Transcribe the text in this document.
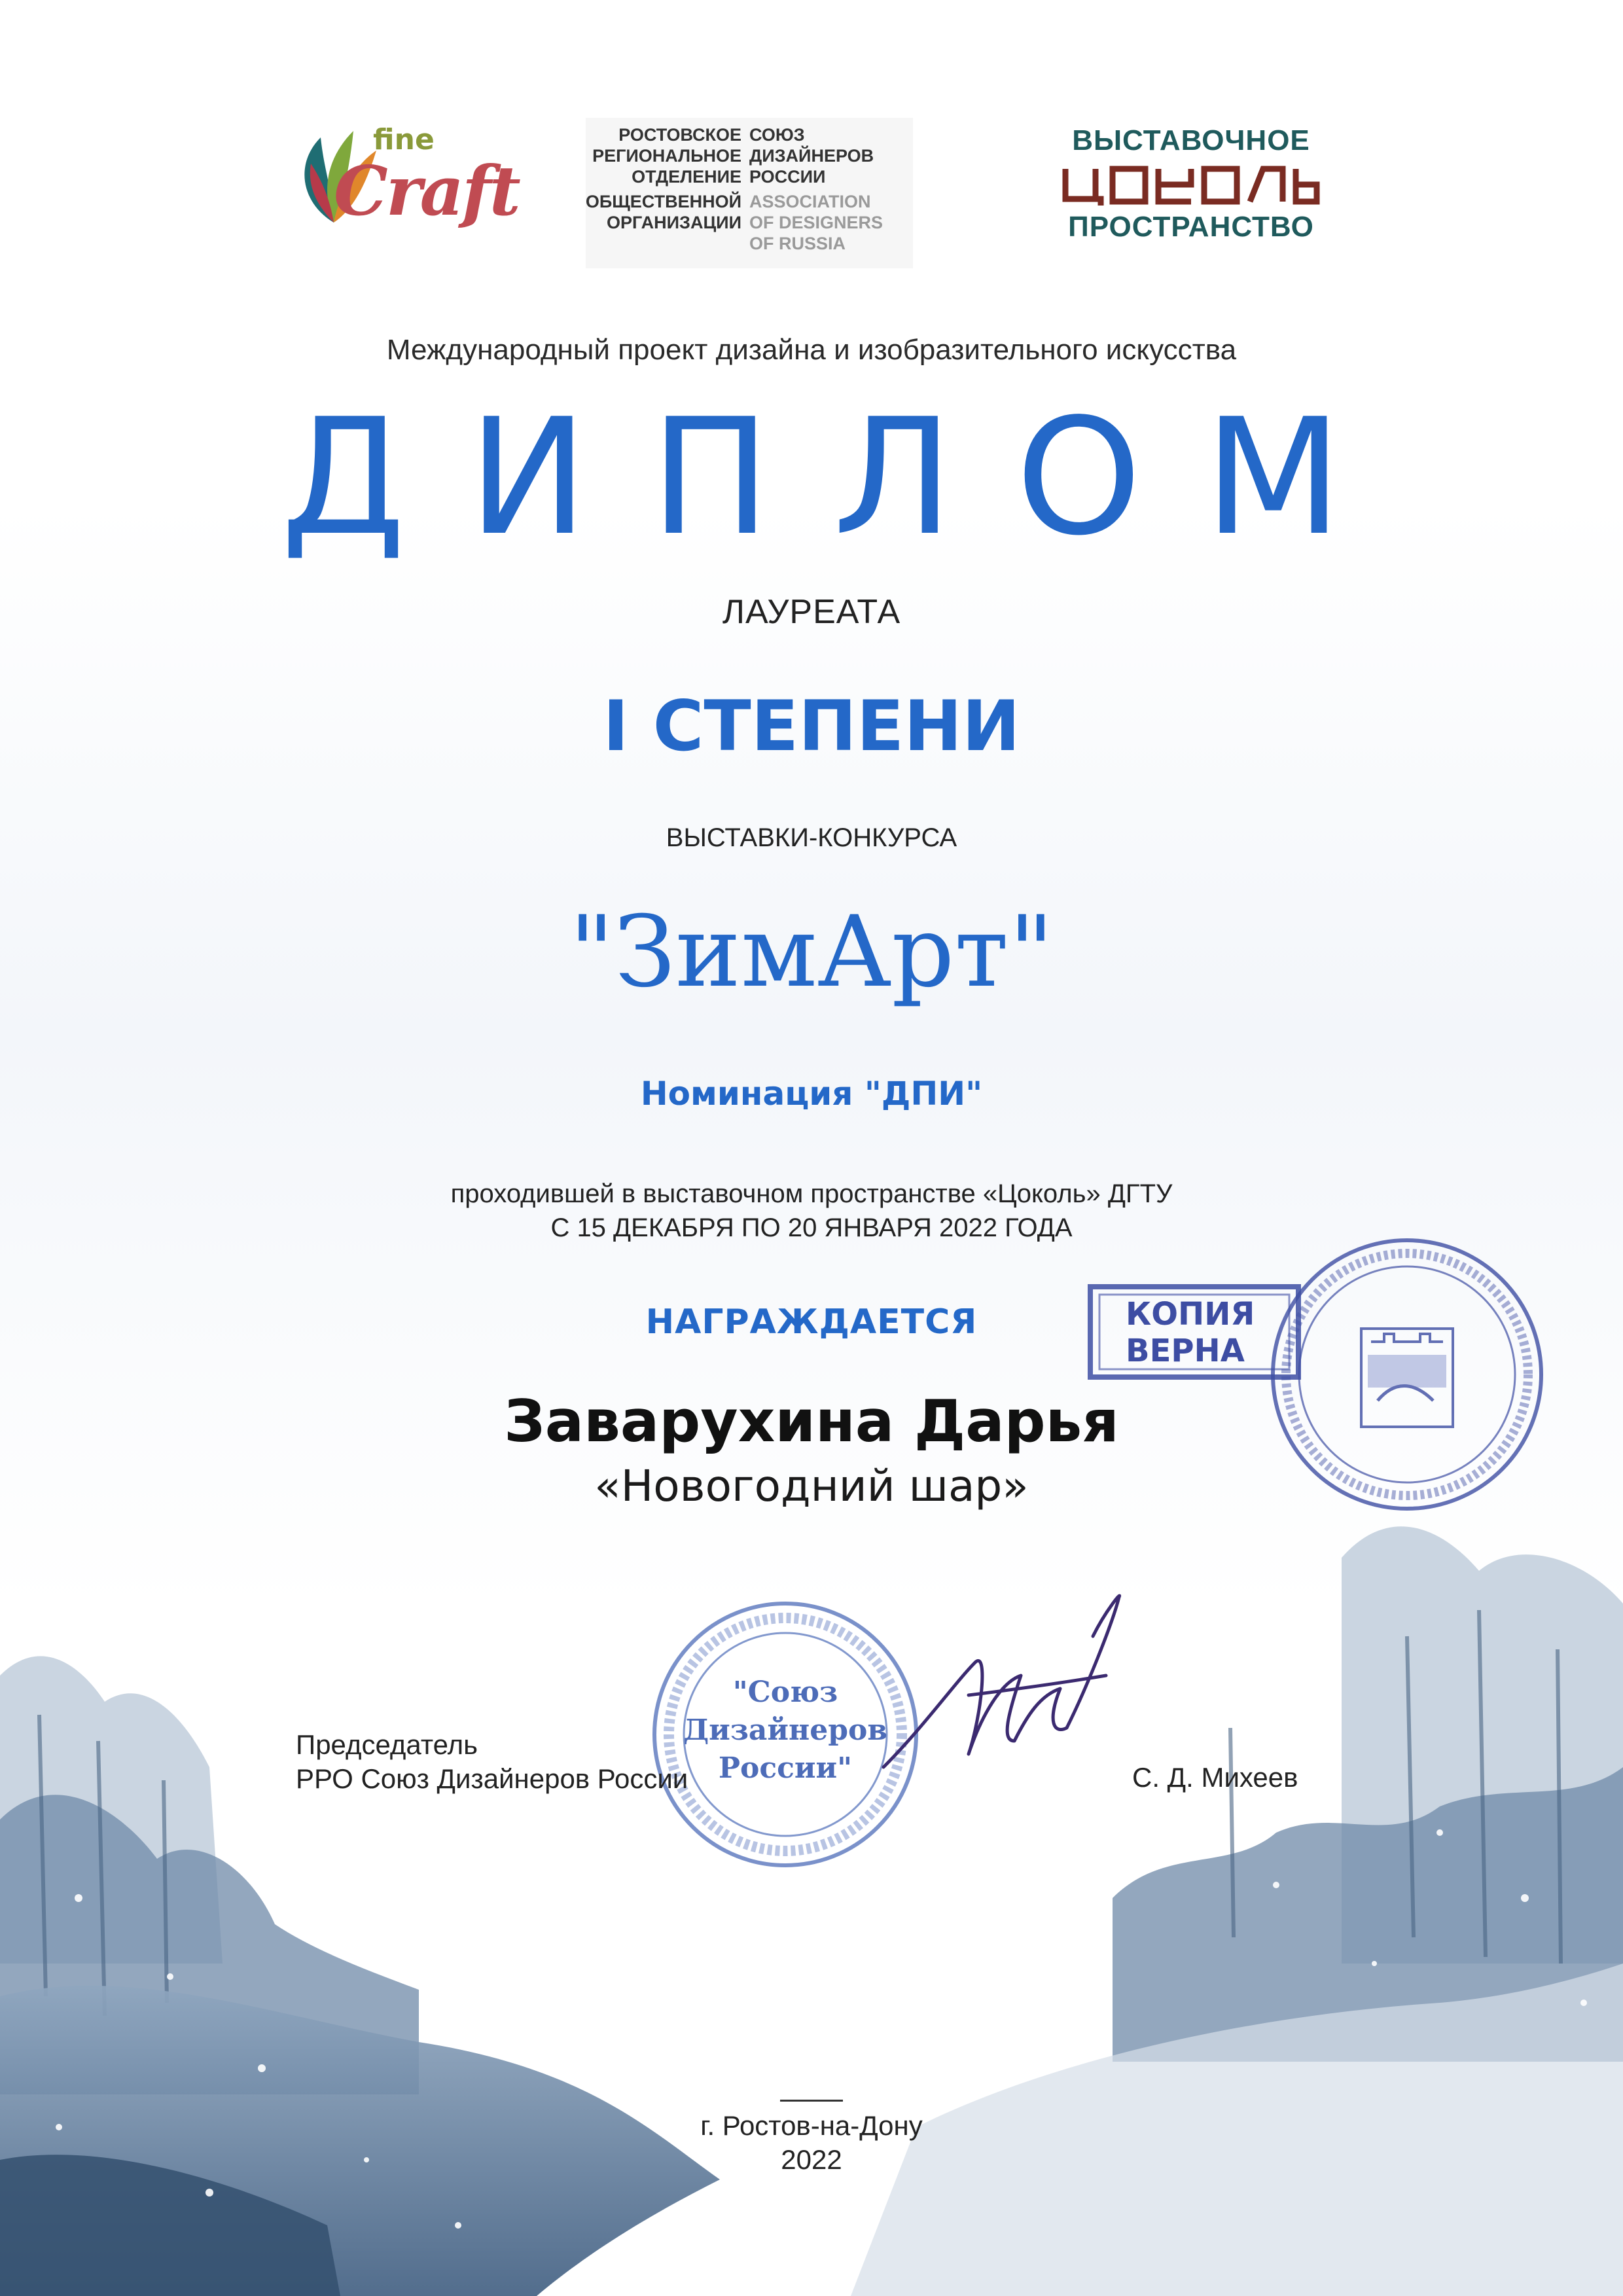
fine
Craft
РОСТОВСКОЕ
РЕГИОНАЛЬНОЕ
ОТДЕЛЕНИЕ
ОБЩЕСТВЕННОЙ
ОРГАНИЗАЦИИ
СОЮЗ
ДИЗАЙНЕРОВ
РОССИИ
ASSOCIATION
OF DESIGNERS
OF RUSSIA
ВЫСТАВОЧНОЕ
ПРОСТРАНСТВО
Международный проект дизайна и изобразительного искусства
ДИПЛОМ
ЛАУРЕАТА
I СТЕПЕНИ
ВЫСТАВКИ-КОНКУРСА
"ЗимАрт"
Номинация "ДПИ"
проходившей в выставочном пространстве «Цоколь» ДГТУ
С 15 ДЕКАБРЯ ПО 20 ЯНВАРЯ 2022 ГОДА
НАГРАЖДАЕТСЯ
Заварухина Дарья
«Новогодний шар»
КОПИЯ
ВЕРНА
"Союз
Дизайнеров
России"
Председатель
РРО Союз Дизайнеров России	С. Д. Михеев
г. Ростов-на-Дону
2022
